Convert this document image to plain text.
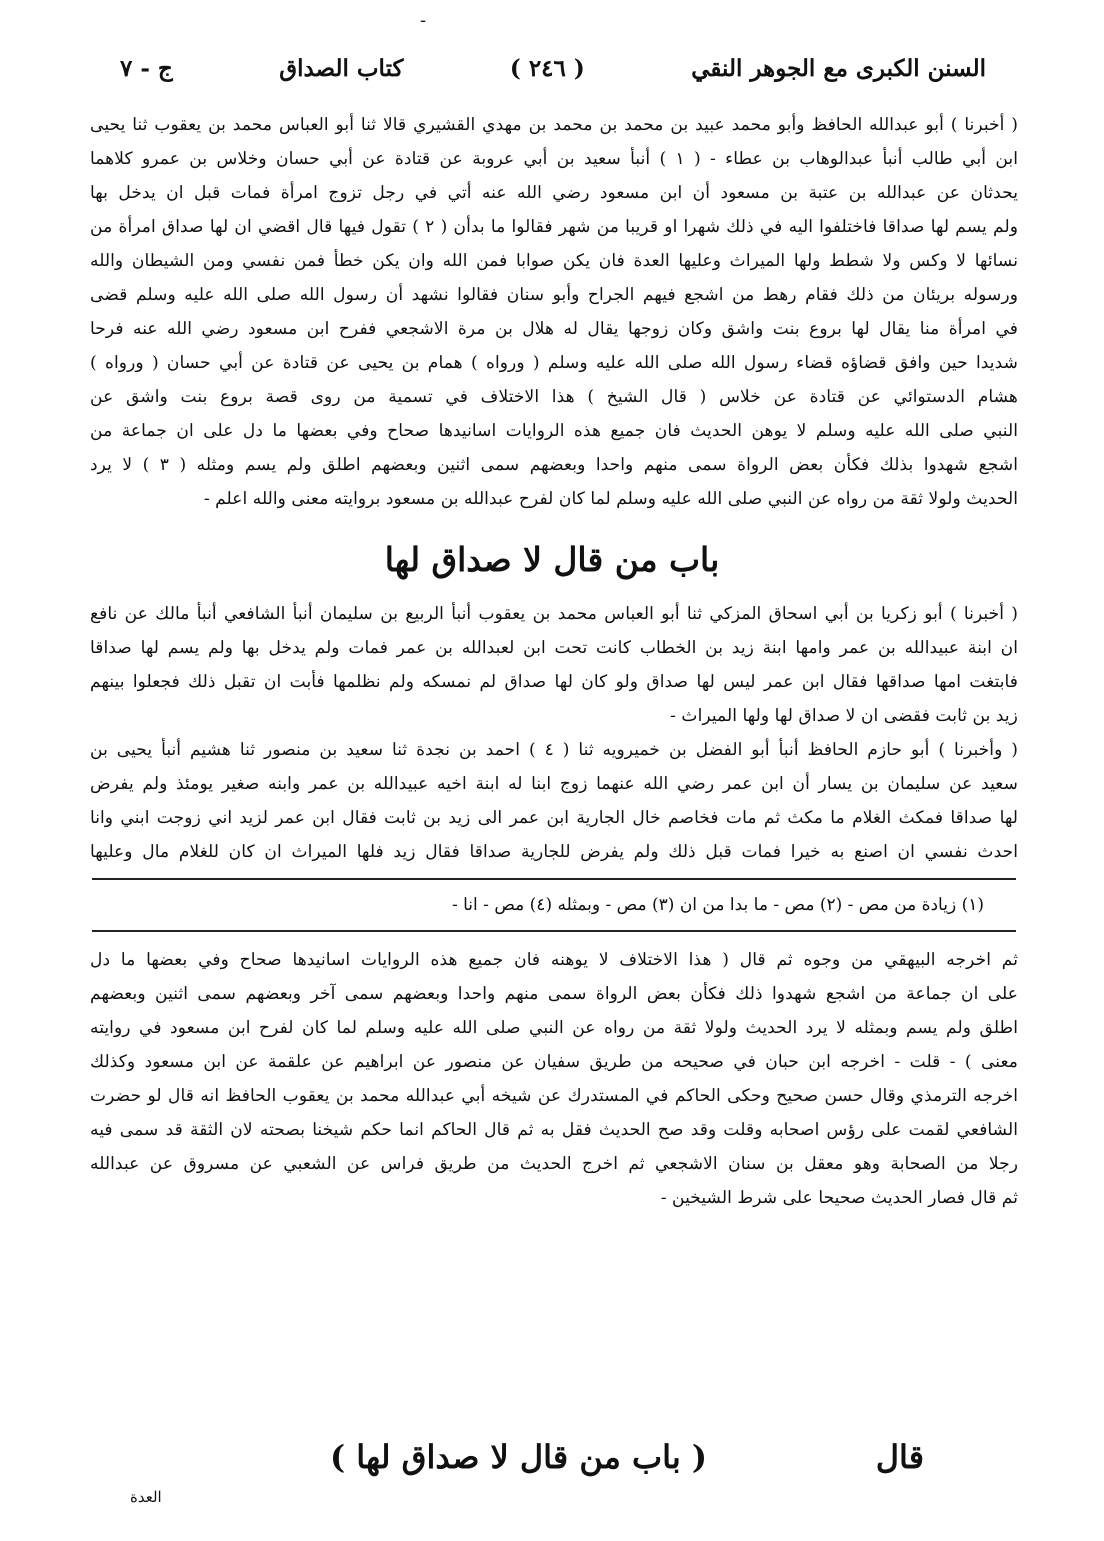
-
السنن الكبرى مع الجوهر النقي
( ٢٤٦ )
كتاب الصداق
ج - ٧
( أخبرنا ) أبو عبدالله الحافظ وأبو محمد عبيد بن محمد بن محمد بن مهدي القشيري قالا ثنا أبو العباس محمد بن يعقوب ثنا يحيى
ابن أبي طالب أنبأ عبدالوهاب بن عطاء - ( ١ ) أنبأ سعيد بن أبي عروبة عن قتادة عن أبي حسان وخلاس بن عمرو كلاهما
يحدثان عن عبدالله بن عتبة بن مسعود أن ابن مسعود رضي الله عنه أتي في رجل تزوج امرأة فمات قبل ان يدخل بها
ولم يسم لها صداقا فاختلفوا اليه في ذلك شهرا او قريبا من شهر فقالوا ما بدأن ( ٢ ) تقول فيها قال اقضي ان لها صداق امرأة من
نسائها لا وكس ولا شطط ولها الميراث وعليها العدة فان يكن صوابا فمن الله وان يكن خطأ فمن نفسي ومن الشيطان والله
ورسوله بريئان من ذلك فقام رهط من اشجع فيهم الجراح وأبو سنان فقالوا نشهد أن رسول الله صلى الله عليه وسلم قضى
في امرأة منا يقال لها بروع بنت واشق وكان زوجها يقال له هلال بن مرة الاشجعي ففرح ابن مسعود رضي الله عنه فرحا
شديدا حين وافق قضاؤه قضاء رسول الله صلى الله عليه وسلم ( ورواه ) همام بن يحيى عن قتادة عن أبي حسان ( ورواه )
هشام الدستوائي عن قتادة عن خلاس ( قال الشيخ ) هذا الاختلاف في تسمية من روى قصة بروع بنت واشق عن
النبي صلى الله عليه وسلم لا يوهن الحديث فان جميع هذه الروايات اسانيدها صحاح وفي بعضها ما دل على ان جماعة من
اشجع شهدوا بذلك فكأن بعض الرواة سمى منهم واحدا وبعضهم سمى اثنين وبعضهم اطلق ولم يسم ومثله ( ٣ ) لا يرد
الحديث ولولا ثقة من رواه عن النبي صلى الله عليه وسلم لما كان لفرح عبدالله بن مسعود بروايته معنى والله اعلم -
باب من قال لا صداق لها
( أخبرنا ) أبو زكريا بن أبي اسحاق المزكي ثنا أبو العباس محمد بن يعقوب أنبأ الربيع بن سليمان أنبأ الشافعي أنبأ مالك عن نافع
ان ابنة عبيدالله بن عمر وامها ابنة زيد بن الخطاب كانت تحت ابن لعبدالله بن عمر فمات ولم يدخل بها ولم يسم لها صداقا
فابتغت امها صداقها فقال ابن عمر ليس لها صداق ولو كان لها صداق لم نمسكه ولم نظلمها فأبت ان تقبل ذلك فجعلوا بينهم
زيد بن ثابت فقضى ان لا صداق لها ولها الميراث -
( وأخبرنا ) أبو حازم الحافظ أنبأ أبو الفضل بن خميرويه ثنا ( ٤ ) احمد بن نجدة ثنا سعيد بن منصور ثنا هشيم أنبأ يحيى بن
سعيد عن سليمان بن يسار أن ابن عمر رضي الله عنهما زوج ابنا له ابنة اخيه عبيدالله بن عمر وابنه صغير يومئذ ولم يفرض
لها صداقا فمكث الغلام ما مكث ثم مات فخاصم خال الجارية ابن عمر الى زيد بن ثابت فقال ابن عمر لزيد اني زوجت ابني وانا
احدث نفسي ان اصنع به خيرا فمات قبل ذلك ولم يفرض للجارية صداقا فقال زيد فلها الميراث ان كان للغلام مال وعليها
(١) زيادة من مص - (٢) مص - ما بدا من ان (٣) مص - وبمثله (٤) مص - انا -
ثم اخرجه البيهقي من وجوه ثم قال ( هذا الاختلاف لا يوهنه فان جميع هذه الروايات اسانيدها صحاح وفي بعضها ما دل
على ان جماعة من اشجع شهدوا ذلك فكأن بعض الرواة سمى منهم واحدا وبعضهم سمى آخر وبعضهم سمى اثنين وبعضهم
اطلق ولم يسم وبمثله لا يرد الحديث ولولا ثقة من رواه عن النبي صلى الله عليه وسلم لما كان لفرح ابن مسعود في روايته
معنى ) - قلت - اخرجه ابن حبان في صحيحه من طريق سفيان عن منصور عن ابراهيم عن علقمة عن ابن مسعود وكذلك
اخرجه الترمذي وقال حسن صحيح وحكى الحاكم في المستدرك عن شيخه أبي عبدالله محمد بن يعقوب الحافظ انه قال لو حضرت
الشافعي لقمت على رؤس اصحابه وقلت وقد صح الحديث فقل به ثم قال الحاكم انما حكم شيخنا بصحته لان الثقة قد سمى فيه
رجلا من الصحابة وهو معقل بن سنان الاشجعي ثم اخرج الحديث من طريق فراس عن الشعبي عن مسروق عن عبدالله
ثم قال فصار الحديث صحيحا على شرط الشيخين -
قال
( باب من قال لا صداق لها )
العدة
